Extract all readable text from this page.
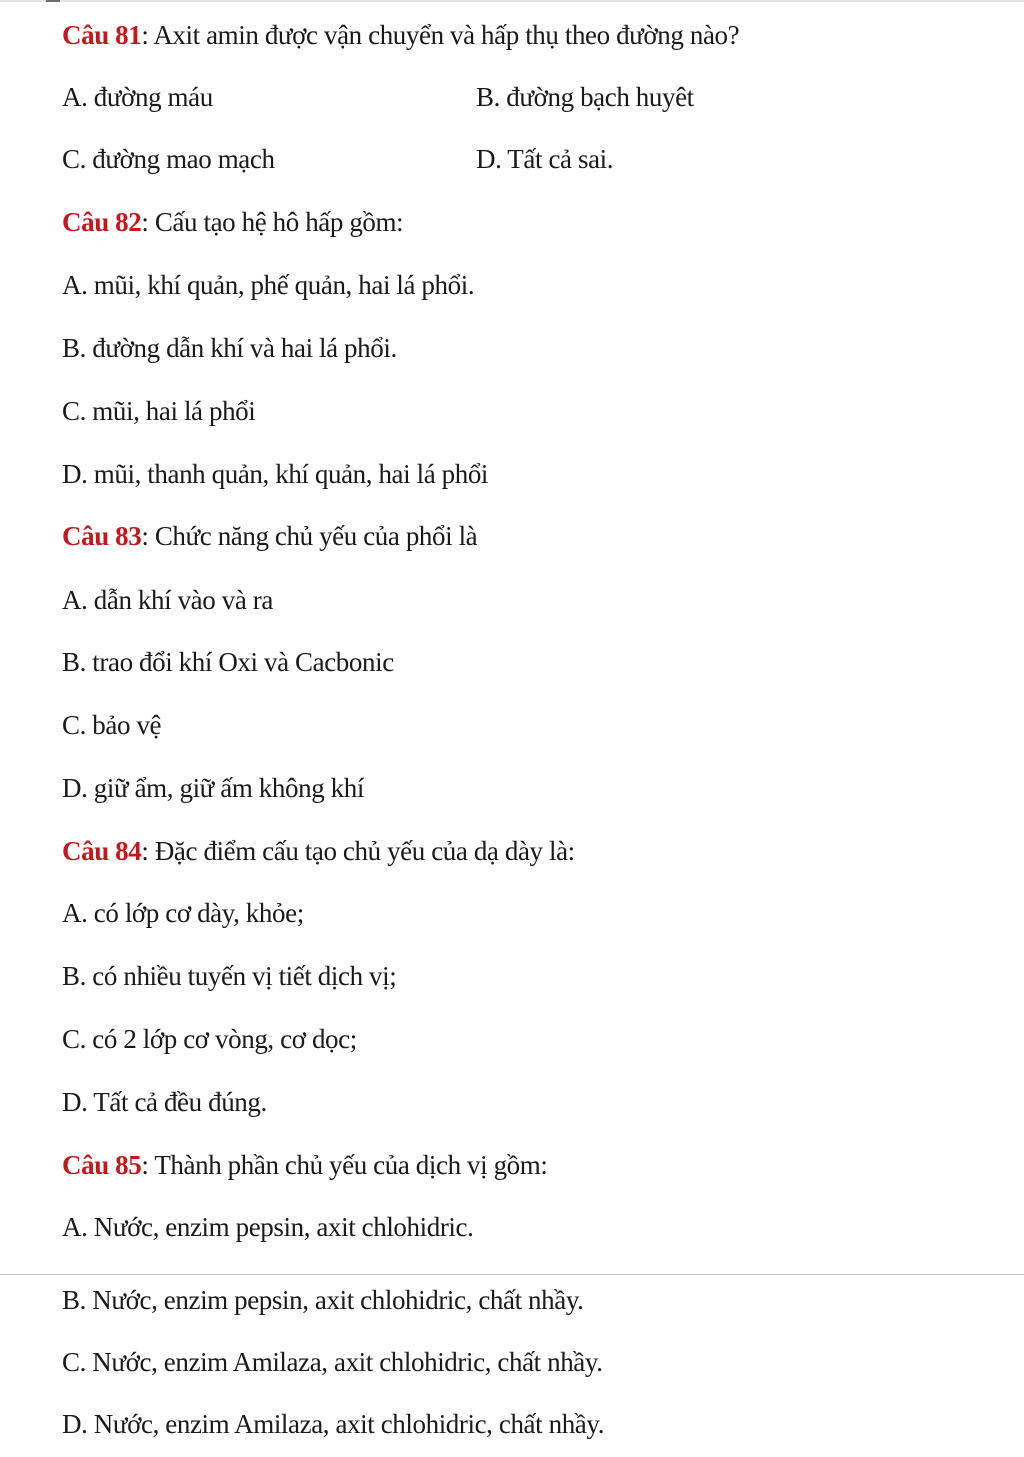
Câu 81: Axit amin được vận chuyển và hấp thụ theo đường nào?

A. đường máu	B. đường bạch huyêt

C. đường mao mạch	D. Tất cả sai.

Câu 82: Cấu tạo hệ hô hấp gồm:

A. mũi, khí quản, phế quản, hai lá phổi.

B. đường dẫn khí và hai lá phổi.

C. mũi, hai lá phổi

D. mũi, thanh quản, khí quản, hai lá phổi

Câu 83: Chức năng chủ yếu của phổi là

A. dẫn khí vào và ra

B. trao đổi khí Oxi và Cacbonic

C. bảo vệ

D. giữ ẩm, giữ ấm không khí

Câu 84: Đặc điểm cấu tạo chủ yếu của dạ dày là:

A. có lớp cơ dày, khỏe;

B. có nhiều tuyến vị tiết dịch vị;

C. có 2 lớp cơ vòng, cơ dọc;

D. Tất cả đều đúng.

Câu 85: Thành phần chủ yếu của dịch vị gồm:

A. Nước, enzim pepsin, axit chlohidric.

B. Nước, enzim pepsin, axit chlohidric, chất nhầy.

C. Nước, enzim Amilaza, axit chlohidric, chất nhầy.

D. Nước, enzim Amilaza, axit chlohidric, chất nhầy.
